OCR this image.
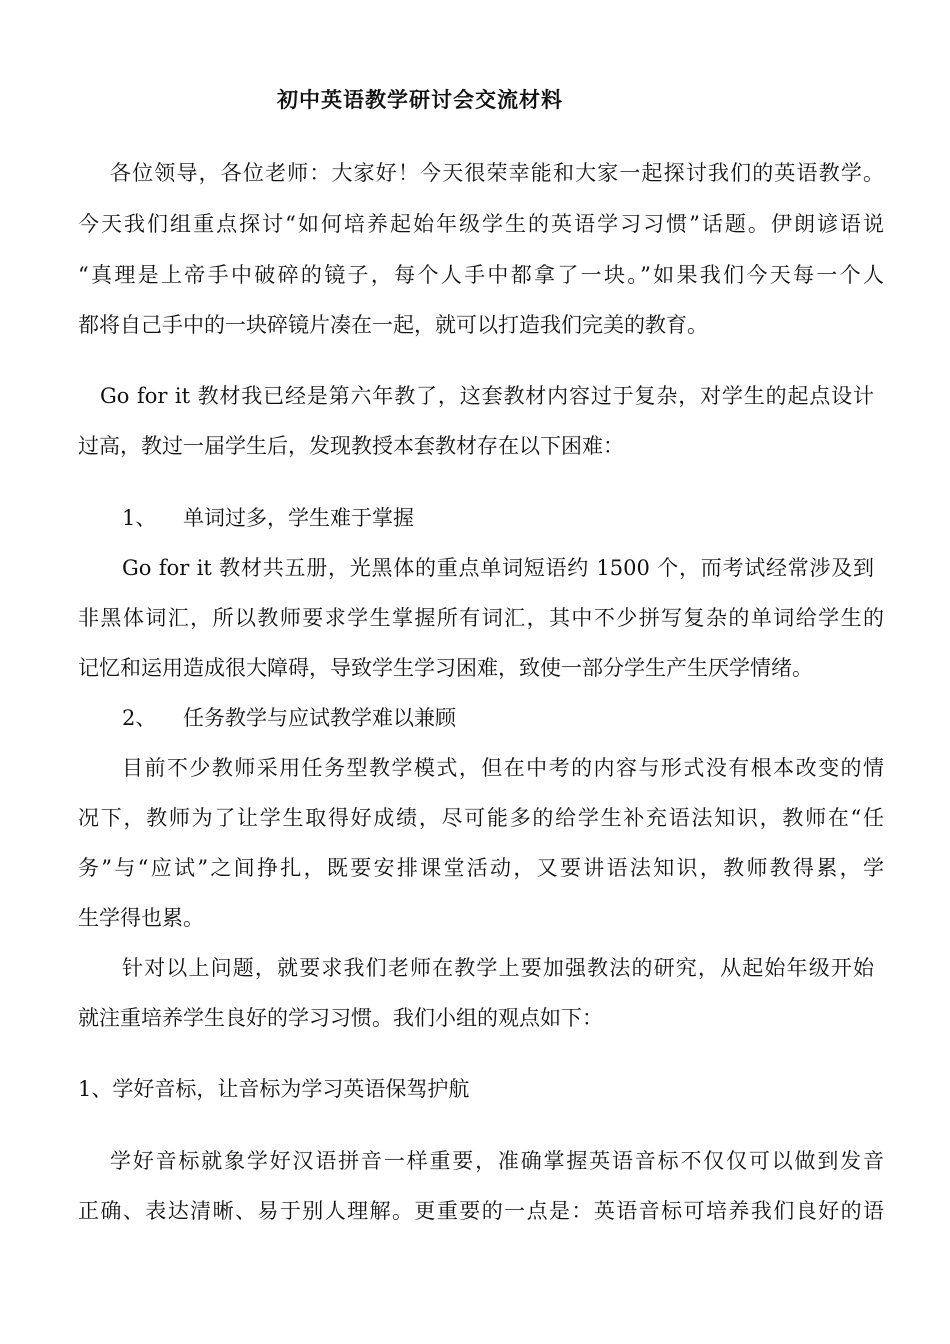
初中英语教学研讨会交流材料
各位领导，各位老师：大家好！今天很荣幸能和大家一起探讨我们的英语教学。
今天我们组重点探讨“如何培养起始年级学生的英语学习习惯”话题。伊朗谚语说
“真理是上帝手中破碎的镜子，每个人手中都拿了一块。”如果我们今天每一个人
都将自己手中的一块碎镜片凑在一起，就可以打造我们完美的教育。
Go for it 教材我已经是第六年教了，这套教材内容过于复杂，对学生的起点设计
过高，教过一届学生后，发现教授本套教材存在以下困难：
1、    单词过多，学生难于掌握
Go for it 教材共五册，光黑体的重点单词短语约 1500 个，而考试经常涉及到
非黑体词汇，所以教师要求学生掌握所有词汇，其中不少拼写复杂的单词给学生的
记忆和运用造成很大障碍，导致学生学习困难，致使一部分学生产生厌学情绪。
2、    任务教学与应试教学难以兼顾
目前不少教师采用任务型教学模式，但在中考的内容与形式没有根本改变的情
况下，教师为了让学生取得好成绩，尽可能多的给学生补充语法知识，教师在“任
务”与“应试”之间挣扎，既要安排课堂活动，又要讲语法知识，教师教得累，学
生学得也累。
针对以上问题，就要求我们老师在教学上要加强教法的研究，从起始年级开始
就注重培养学生良好的学习习惯。我们小组的观点如下：
1、学好音标，让音标为学习英语保驾护航
学好音标就象学好汉语拼音一样重要，准确掌握英语音标不仅仅可以做到发音
正确、表达清晰、易于别人理解。更重要的一点是：英语音标可培养我们良好的语
